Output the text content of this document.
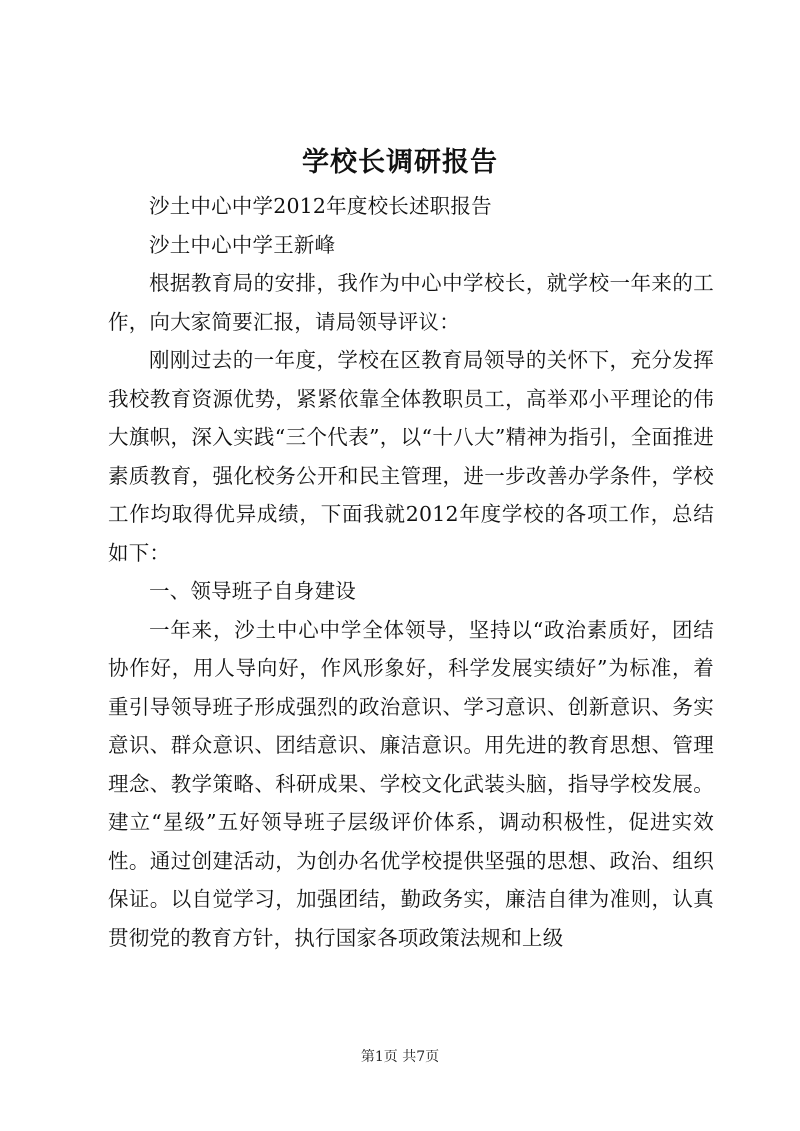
学校长调研报告

沙土中心中学2012年度校长述职报告

沙土中心中学王新峰

根据教育局的安排，我作为中心中学校长，就学校一年来的工作，向大家简要汇报，请局领导评议：

刚刚过去的一年度，学校在区教育局领导的关怀下，充分发挥我校教育资源优势，紧紧依靠全体教职员工，高举邓小平理论的伟大旗帜，深入实践“三个代表”，以“十八大”精神为指引，全面推进素质教育，强化校务公开和民主管理，进一步改善办学条件，学校工作均取得优异成绩，下面我就2012年度学校的各项工作，总结如下：

一、领导班子自身建设

一年来，沙土中心中学全体领导，坚持以“政治素质好，团结协作好，用人导向好，作风形象好，科学发展实绩好”为标准，着重引导领导班子形成强烈的政治意识、学习意识、创新意识、务实意识、群众意识、团结意识、廉洁意识。用先进的教育思想、管理理念、教学策略、科研成果、学校文化武装头脑，指导学校发展。建立“星级”五好领导班子层级评价体系，调动积极性，促进实效性。通过创建活动，为创办名优学校提供坚强的思想、政治、组织保证。以自觉学习，加强团结，勤政务实，廉洁自律为准则，认真贯彻党的教育方针，执行国家各项政策法规和上级

第1页 共7页
